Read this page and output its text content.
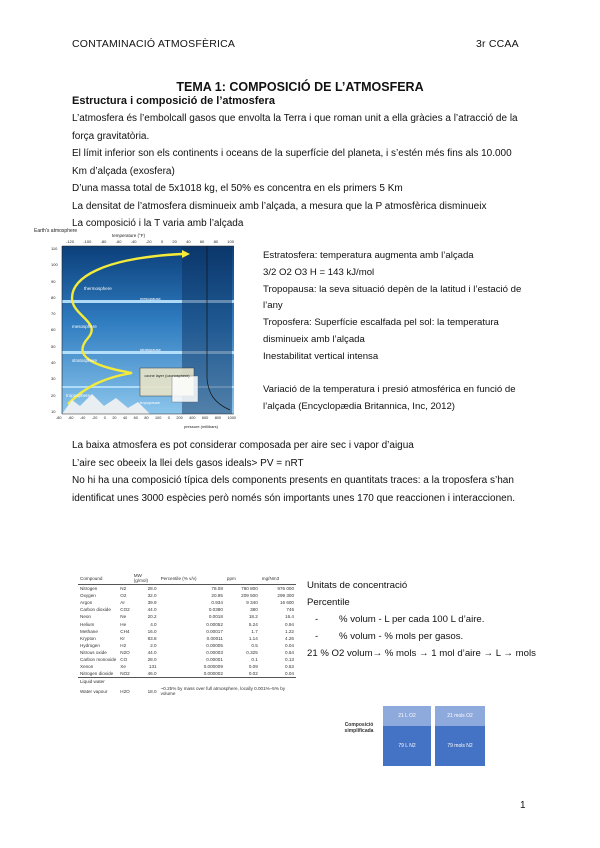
CONTAMINACIÓ ATMOSFÈRICA	3r CCAA
TEMA 1: COMPOSICIÓ DE L’ATMOSFERA
Estructura i composició de l’atmosfera

L’atmosfera és l’embolcall gasos que envolta la Terra i que roman unit a ella gràcies a l’atracció de la força gravitatòria.

El límit inferior son els continents i oceans de la superfície del planeta, i s’estén més fins als 10.000 Km d’alçada (exosfera)

D’una massa total de 5x1018 kg, el 50% es concentra en els primers 5 Km

La densitat de l’atmosfera disminueix amb l’alçada, a mesura que la P atmosfèrica disminueix

La composició i la T varia amb l’alçada

Earth's atmosphere
temperature (°F)
-120 -100 -80 -60 -40 -20 0 20 40 60 80 100
110
100
90
80
70
60
50
40
30
20
10
thermosphere
mesopause
mesosphere
stratopause
stratosphere
ozone layer (ozonosphere)
troposphere
tropopause
-80 -60 -40 -20 0 20 40 60 80 100 0 200 400 600 800 1000
pressure (millibars)

Estratosfera: temperatura augmenta amb l’alçada

3/2 O2 O3 H = 143 kJ/mol

Tropopausa: la seva situació depèn de la latitud i l’estació de l’any

Troposfera: Superfície escalfada pel sol: la temperatura disminueix amb l’alçada

Inestabilitat vertical intensa

Variació de la temperatura i presió atmosférica en funció de l’alçada (Encyclopædia Britannica, Inc, 2012)

La baixa atmosfera es pot considerar composada per aire sec i vapor d’aigua

L’aire sec obeeix la llei dels gasos ideals> PV = nRT

No hi ha una composició típica dels components presents en quantitats traces: a la troposfera s’han identificat unes 3000 espècies però només són importants unes 170 que reaccionen i interaccionen.

Compound		MW (g/mol)	Percentile (% v/v)	ppm	mg/Nm3
Nitrogen	N2	28.0	78.08	780 800	976 000
Oxygen	O2	32.0	20.95	209 500	299 300
Argon	Ar	39.9	0.934	9 340	16 600
Carbon dioxide	CO2	44.0	0.0380	380	746
Neon	Ne	20.2	0.0018	18.2	16.4
Helium	He	4.0	0.00052	5.24	0.94
Methane	CH4	16.0	0.00017	1.7	1.22
Krypton	Kr	83.8	0.00011	1.14	4.26
Hydrogen	H2	2.0	0.00005	0.5	0.04
Nitrous oxide	N2O	44.0	0.00003	0.325	0.64
Carbon monoxide	CO	28.0	0.00001	0.1	0.13
Xenon	Xe	131	0.000009	0.09	0.53
Nitrogen dioxide	NO2	46.0	0.000002	0.02	0.04
Liquid water					
Water vapour	H2O	18.0	~0.25% by mass over full atmosphere, locally 0.001%–5% by volume		

Unitats de concentració

Percentile

- % volum - L per cada 100 L d’aire.

- % volum - % mols per gasos.

21 % O2 volum→ % mols → 1 mol d’aire → L → mols

Composició simplificada
21 L O2
79 L N2
21 mols O2
79 mols N2
1
